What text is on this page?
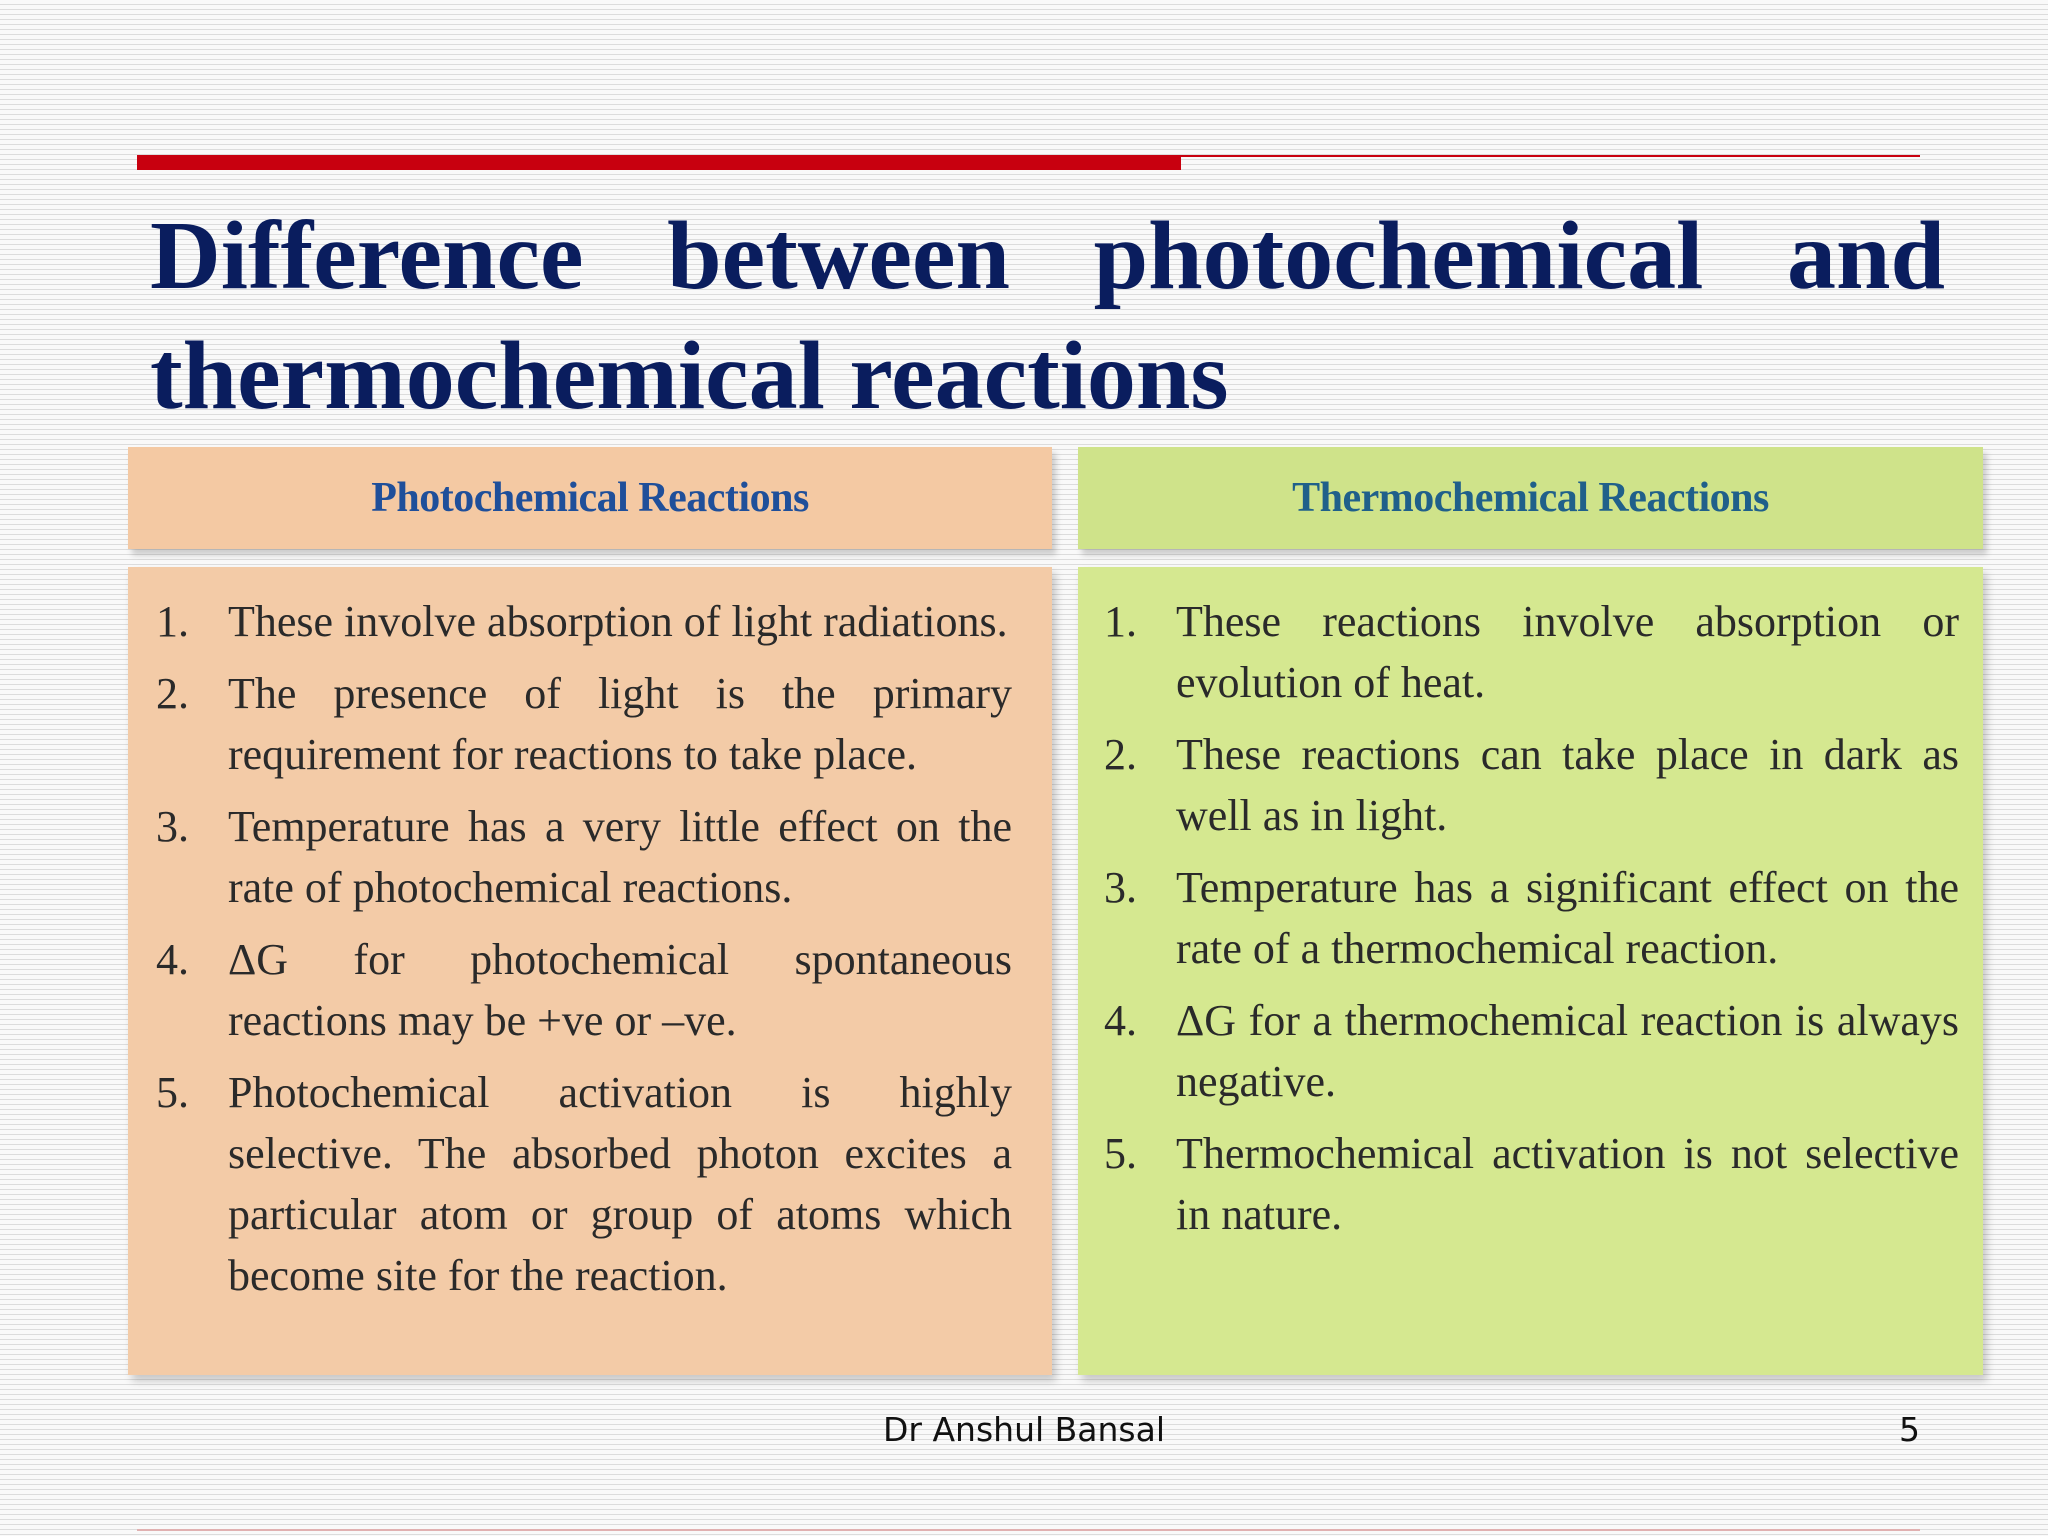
Difference between photochemical and thermochemical reactions
Photochemical Reactions
1. These involve absorption of light radiations.
2. The presence of light is the primary requirement for reactions to take place.
3. Temperature has a very little effect on the rate of photochemical reactions.
4. ΔG for photochemical spontaneous reactions may be +ve or –ve.
5. Photochemical activation is highly selective. The absorbed photon excites a particular atom or group of atoms which become site for the reaction.
Thermochemical Reactions
1. These reactions involve absorption or evolution of heat.
2. These reactions can take place in dark as well as in light.
3. Temperature has a significant effect on the rate of a thermochemical reaction.
4. ΔG for a thermochemical reaction is always negative.
5. Thermochemical activation is not selective in nature.
Dr Anshul Bansal	5
